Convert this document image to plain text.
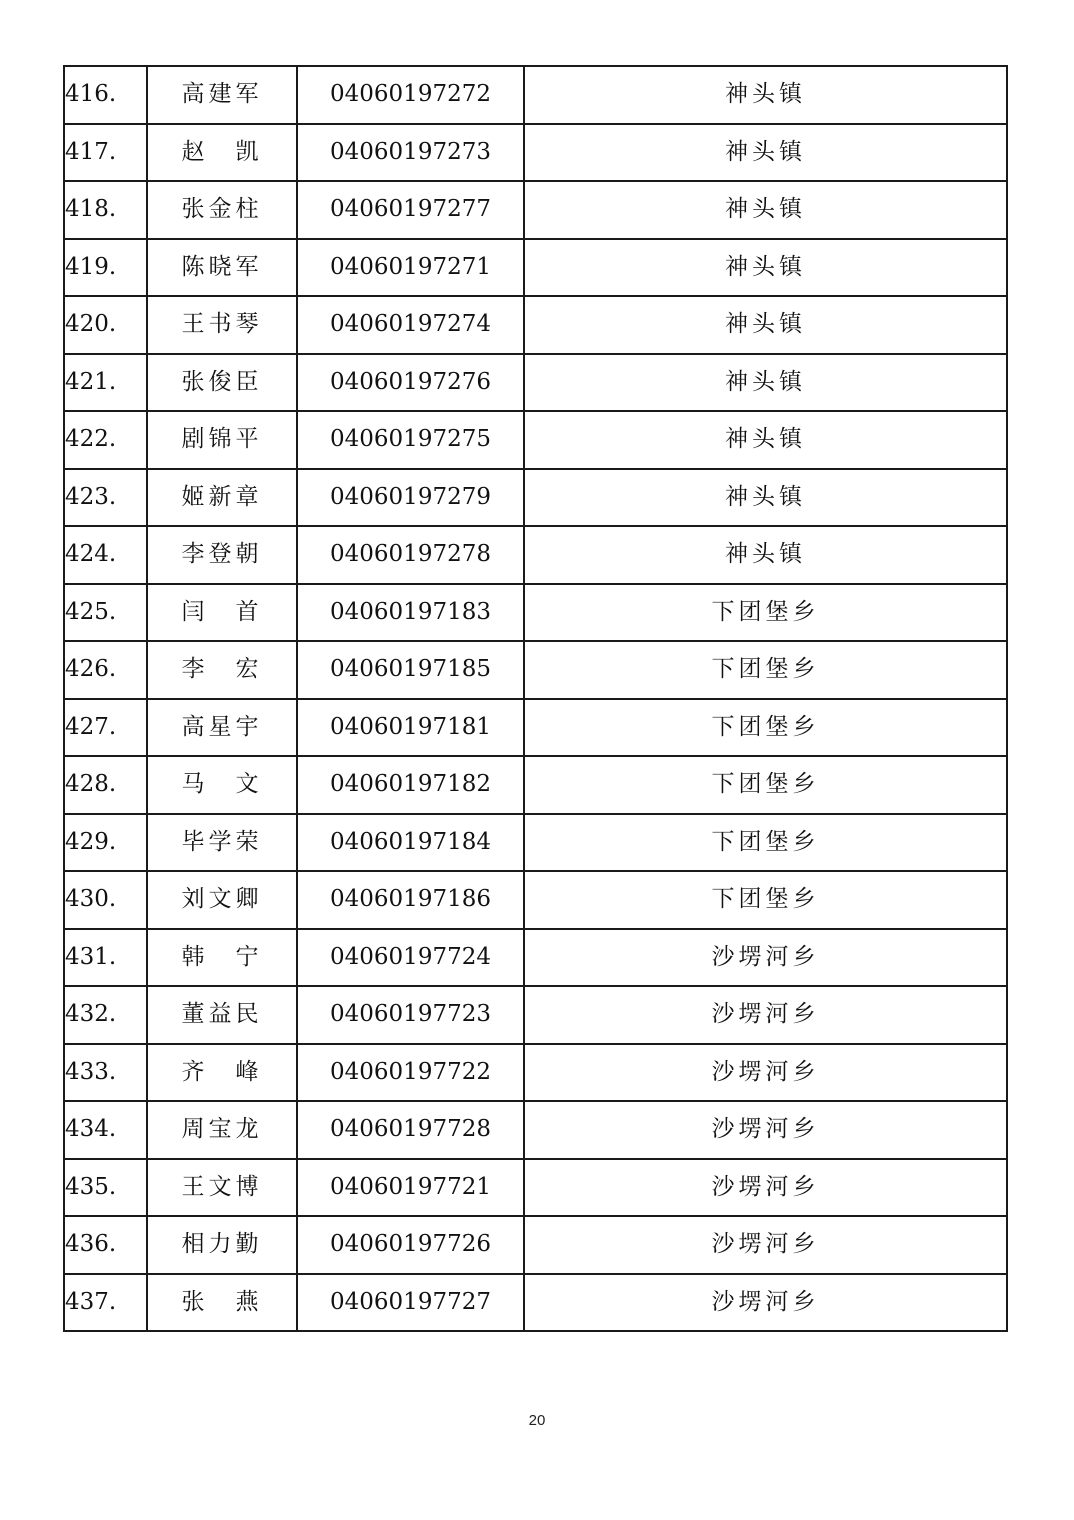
416.	高建军	04060197272	神头镇
417.	赵　凯	04060197273	神头镇
418.	张金柱	04060197277	神头镇
419.	陈晓军	04060197271	神头镇
420.	王书琴	04060197274	神头镇
421.	张俊臣	04060197276	神头镇
422.	剧锦平	04060197275	神头镇
423.	姬新章	04060197279	神头镇
424.	李登朝	04060197278	神头镇
425.	闫　首	04060197183	下团堡乡
426.	李　宏	04060197185	下团堡乡
427.	高星宇	04060197181	下团堡乡
428.	马　文	04060197182	下团堡乡
429.	毕学荣	04060197184	下团堡乡
430.	刘文卿	04060197186	下团堡乡
431.	韩　宁	04060197724	沙塄河乡
432.	董益民	04060197723	沙塄河乡
433.	齐　峰	04060197722	沙塄河乡
434.	周宝龙	04060197728	沙塄河乡
435.	王文博	04060197721	沙塄河乡
436.	相力勤	04060197726	沙塄河乡
437.	张　燕	04060197727	沙塄河乡
20
